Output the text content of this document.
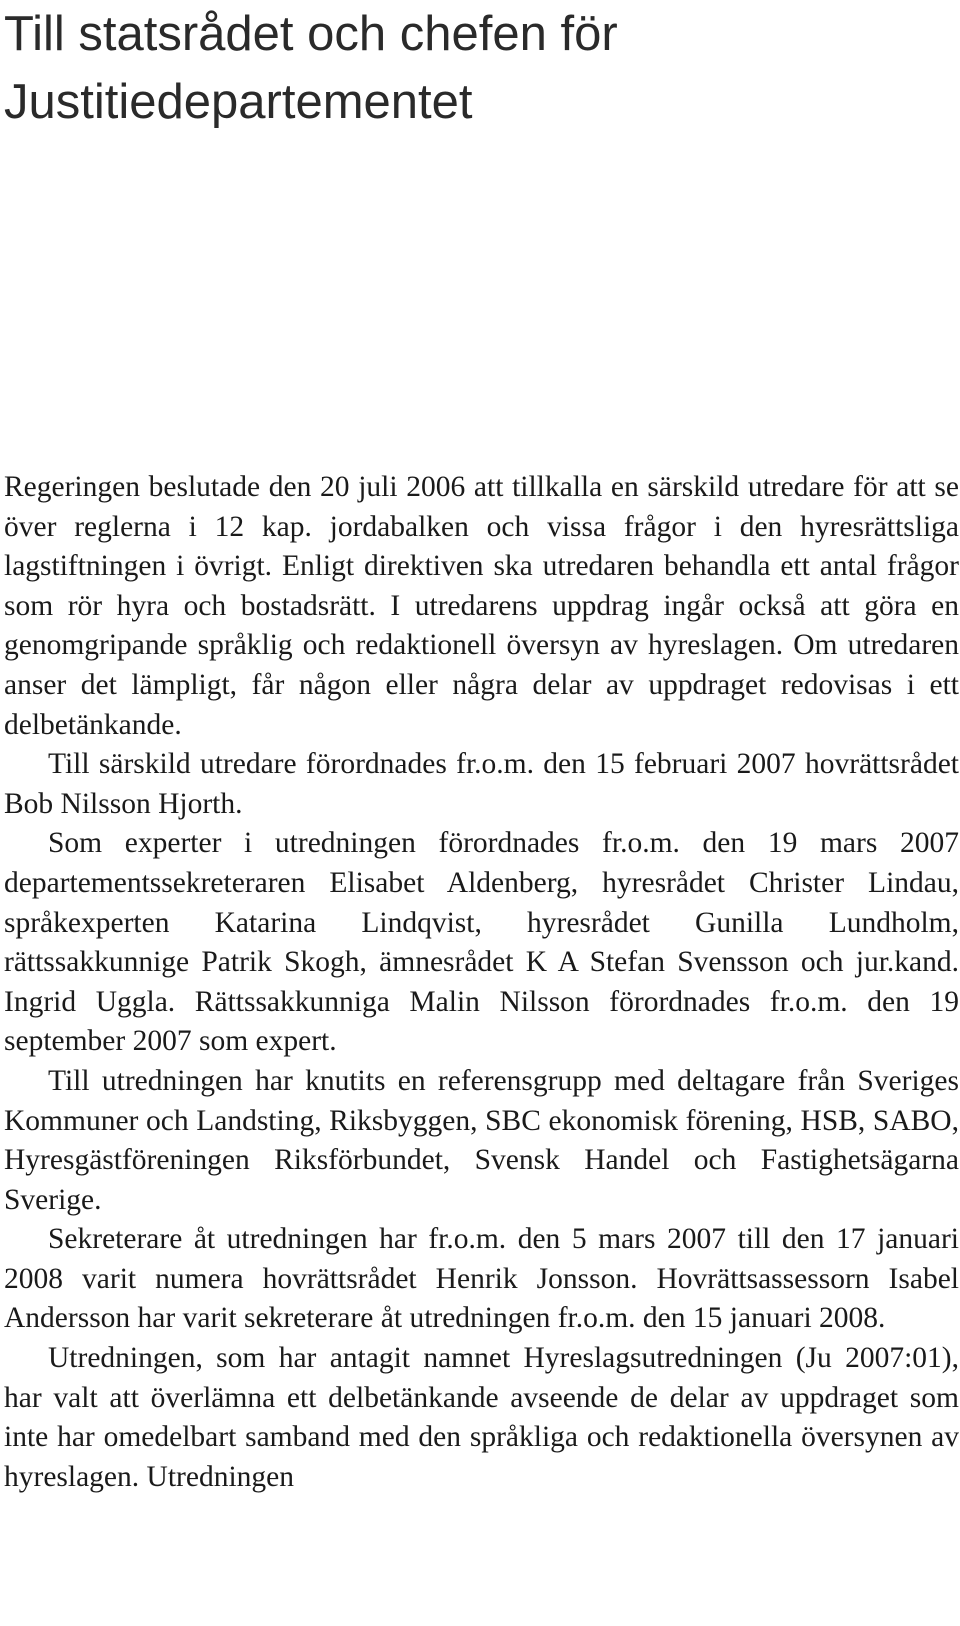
Till statsrådet och chefen för Justitiedepartementet

Regeringen beslutade den 20 juli 2006 att tillkalla en särskild utredare för att se över reglerna i 12 kap. jordabalken och vissa frågor i den hyresrättsliga lagstiftningen i övrigt. Enligt direktiven ska utredaren behandla ett antal frågor som rör hyra och bostadsrätt. I utredarens uppdrag ingår också att göra en genomgripande språklig och redaktionell översyn av hyreslagen. Om utredaren anser det lämpligt, får någon eller några delar av uppdraget redovisas i ett delbetänkande.

Till särskild utredare förordnades fr.o.m. den 15 februari 2007 hovrättsrådet Bob Nilsson Hjorth.

Som experter i utredningen förordnades fr.o.m. den 19 mars 2007 departementssekreteraren Elisabet Aldenberg, hyresrådet Christer Lindau, språkexperten Katarina Lindqvist, hyresrådet Gunilla Lundholm, rättssakkunnige Patrik Skogh, ämnesrådet K A Stefan Svensson och jur.kand. Ingrid Uggla. Rättssakkunniga Malin Nilsson förordnades fr.o.m. den 19 september 2007 som expert.

Till utredningen har knutits en referensgrupp med deltagare från Sveriges Kommuner och Landsting, Riksbyggen, SBC ekonomisk förening, HSB, SABO, Hyresgästföreningen Riksförbundet, Svensk Handel och Fastighetsägarna Sverige.

Sekreterare åt utredningen har fr.o.m. den 5 mars 2007 till den 17 januari 2008 varit numera hovrättsrådet Henrik Jonsson. Hovrättsassessorn Isabel Andersson har varit sekreterare åt utredningen fr.o.m. den 15 januari 2008.

Utredningen, som har antagit namnet Hyreslagsutredningen (Ju 2007:01), har valt att överlämna ett delbetänkande avseende de delar av uppdraget som inte har omedelbart samband med den språkliga och redaktionella översynen av hyreslagen. Utredningen
